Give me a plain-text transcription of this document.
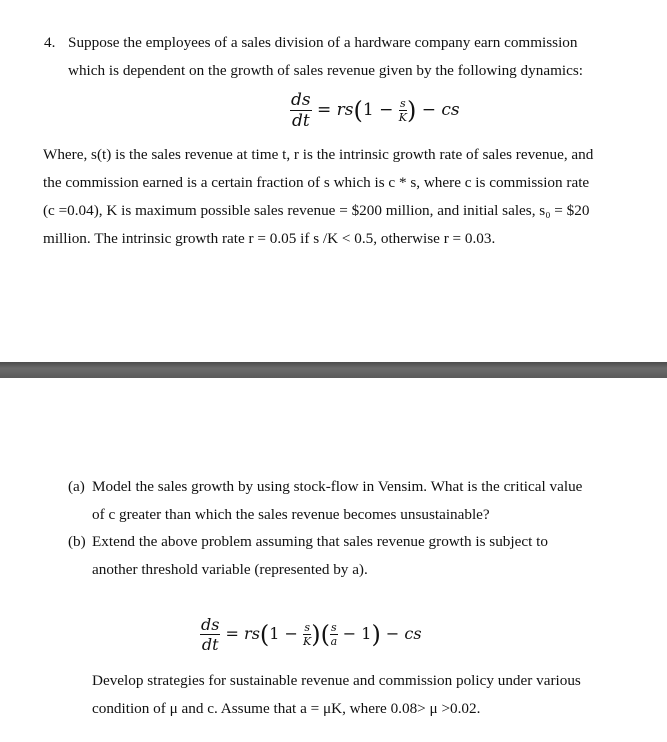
4. Suppose the employees of a sales division of a hardware company earn commission
which is dependent on the growth of sales revenue given by the following dynamics:
$\frac{ds}{dt} = rs(1 - \frac{s}{K}$ ) − cs
Where, s(t) is the sales revenue at time t, r is the intrinsic growth rate of sales revenue, and
the commission earned is a certain fraction of s which is c * s, where c is commission rate
(c =0.04), K is maximum possible sales revenue = $200 million, and initial sales, s₀ = $20
million. The intrinsic growth rate r = 0.05 if s /K < 0.5, otherwise r = 0.03.
(a) Model the sales growth by using stock-flow in Vensim. What is the critical value
of c greater than which the sales revenue becomes unsustainable?
(b) Extend the above problem assuming that sales revenue growth is subject to
another threshold variable (represented by a).
$\frac{ds}{dt} = rs(1 - \frac{s}{K}$ )( $\frac{s}{a} - 1$) − cs
Develop strategies for sustainable revenue and commission policy under various
condition of μ and c. Assume that a = μK, where 0.08> μ >0.02.
